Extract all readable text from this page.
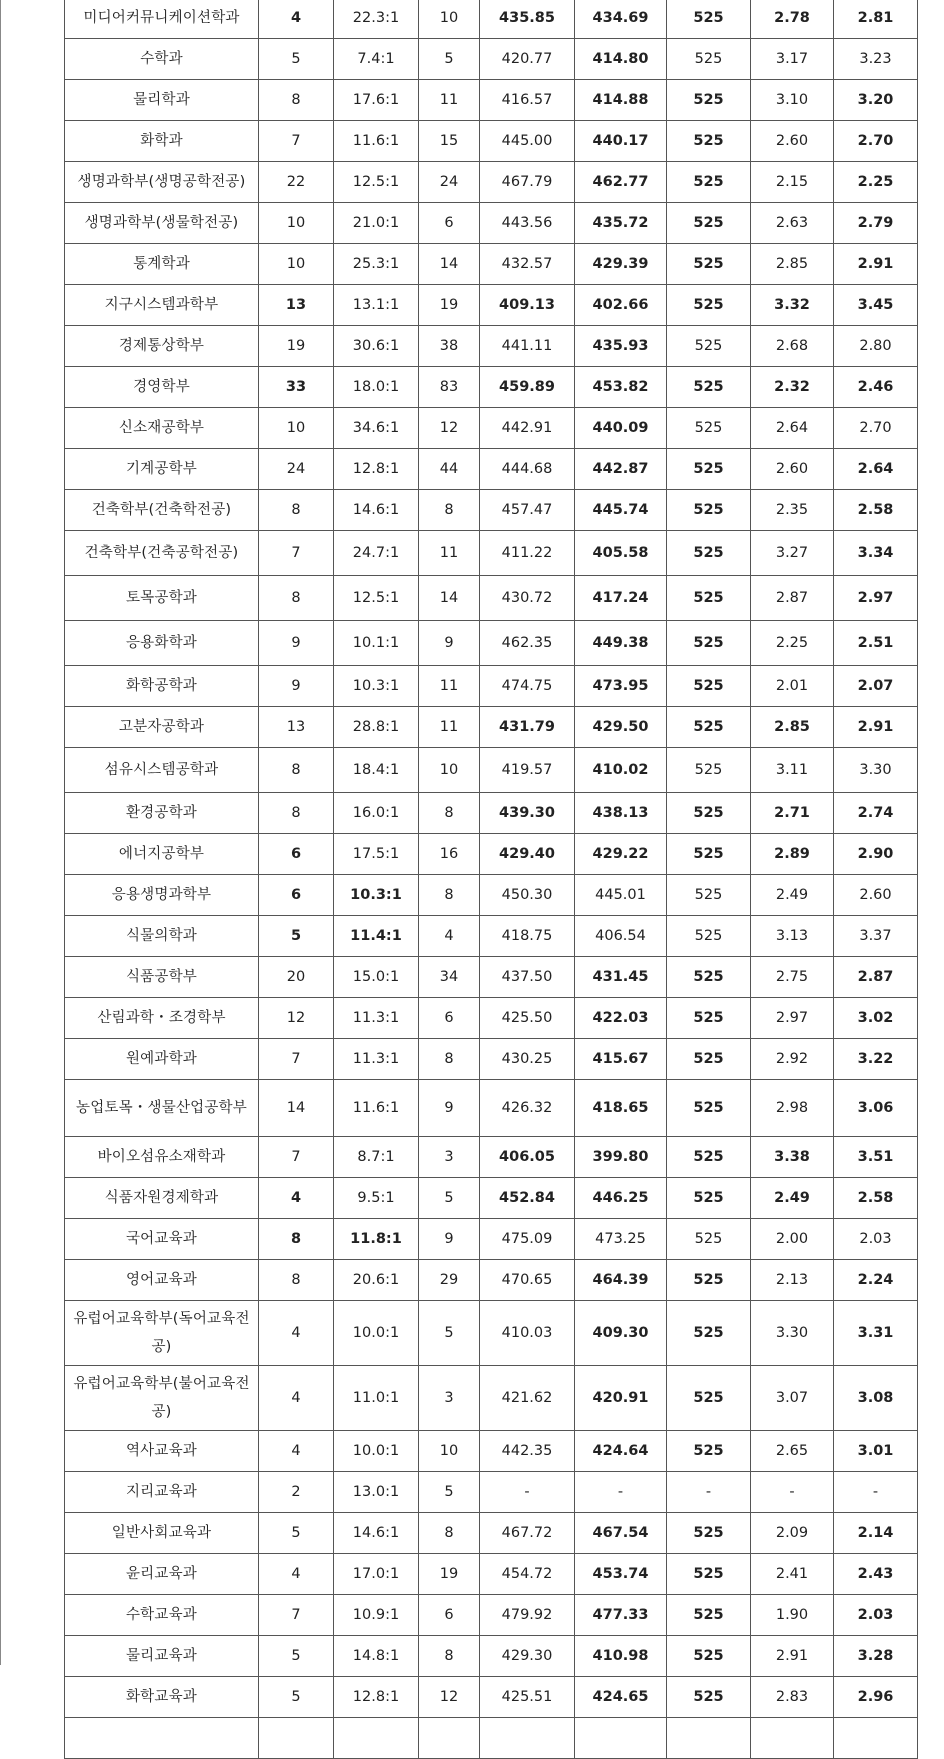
미디어커뮤니케이션학과	4	22.3:1	10	435.85	434.69	525	2.78	2.81
수학과	5	7.4:1	5	420.77	414.80	525	3.17	3.23
물리학과	8	17.6:1	11	416.57	414.88	525	3.10	3.20
화학과	7	11.6:1	15	445.00	440.17	525	2.60	2.70
생명과학부(생명공학전공)	22	12.5:1	24	467.79	462.77	525	2.15	2.25
생명과학부(생물학전공)	10	21.0:1	6	443.56	435.72	525	2.63	2.79
통계학과	10	25.3:1	14	432.57	429.39	525	2.85	2.91
지구시스템과학부	13	13.1:1	19	409.13	402.66	525	3.32	3.45
경제통상학부	19	30.6:1	38	441.11	435.93	525	2.68	2.80
경영학부	33	18.0:1	83	459.89	453.82	525	2.32	2.46
신소재공학부	10	34.6:1	12	442.91	440.09	525	2.64	2.70
기계공학부	24	12.8:1	44	444.68	442.87	525	2.60	2.64
건축학부(건축학전공)	8	14.6:1	8	457.47	445.74	525	2.35	2.58
건축학부(건축공학전공)	7	24.7:1	11	411.22	405.58	525	3.27	3.34
토목공학과	8	12.5:1	14	430.72	417.24	525	2.87	2.97
응용화학과	9	10.1:1	9	462.35	449.38	525	2.25	2.51
화학공학과	9	10.3:1	11	474.75	473.95	525	2.01	2.07
고분자공학과	13	28.8:1	11	431.79	429.50	525	2.85	2.91
섬유시스템공학과	8	18.4:1	10	419.57	410.02	525	3.11	3.30
환경공학과	8	16.0:1	8	439.30	438.13	525	2.71	2.74
에너지공학부	6	17.5:1	16	429.40	429.22	525	2.89	2.90
응용생명과학부	6	10.3:1	8	450.30	445.01	525	2.49	2.60
식물의학과	5	11.4:1	4	418.75	406.54	525	3.13	3.37
식품공학부	20	15.0:1	34	437.50	431.45	525	2.75	2.87
산림과학・조경학부	12	11.3:1	6	425.50	422.03	525	2.97	3.02
원예과학과	7	11.3:1	8	430.25	415.67	525	2.92	3.22
농업토목・생물산업공학부	14	11.6:1	9	426.32	418.65	525	2.98	3.06
바이오섬유소재학과	7	8.7:1	3	406.05	399.80	525	3.38	3.51
식품자원경제학과	4	9.5:1	5	452.84	446.25	525	2.49	2.58
국어교육과	8	11.8:1	9	475.09	473.25	525	2.00	2.03
영어교육과	8	20.6:1	29	470.65	464.39	525	2.13	2.24
유럽어교육학부(독어교육전공)	4	10.0:1	5	410.03	409.30	525	3.30	3.31
유럽어교육학부(불어교육전공)	4	11.0:1	3	421.62	420.91	525	3.07	3.08
역사교육과	4	10.0:1	10	442.35	424.64	525	2.65	3.01
지리교육과	2	13.0:1	5	-	-	-	-	-
일반사회교육과	5	14.6:1	8	467.72	467.54	525	2.09	2.14
윤리교육과	4	17.0:1	19	454.72	453.74	525	2.41	2.43
수학교육과	7	10.9:1	6	479.92	477.33	525	1.90	2.03
물리교육과	5	14.8:1	8	429.30	410.98	525	2.91	3.28
화학교육과	5	12.8:1	12	425.51	424.65	525	2.83	2.96
